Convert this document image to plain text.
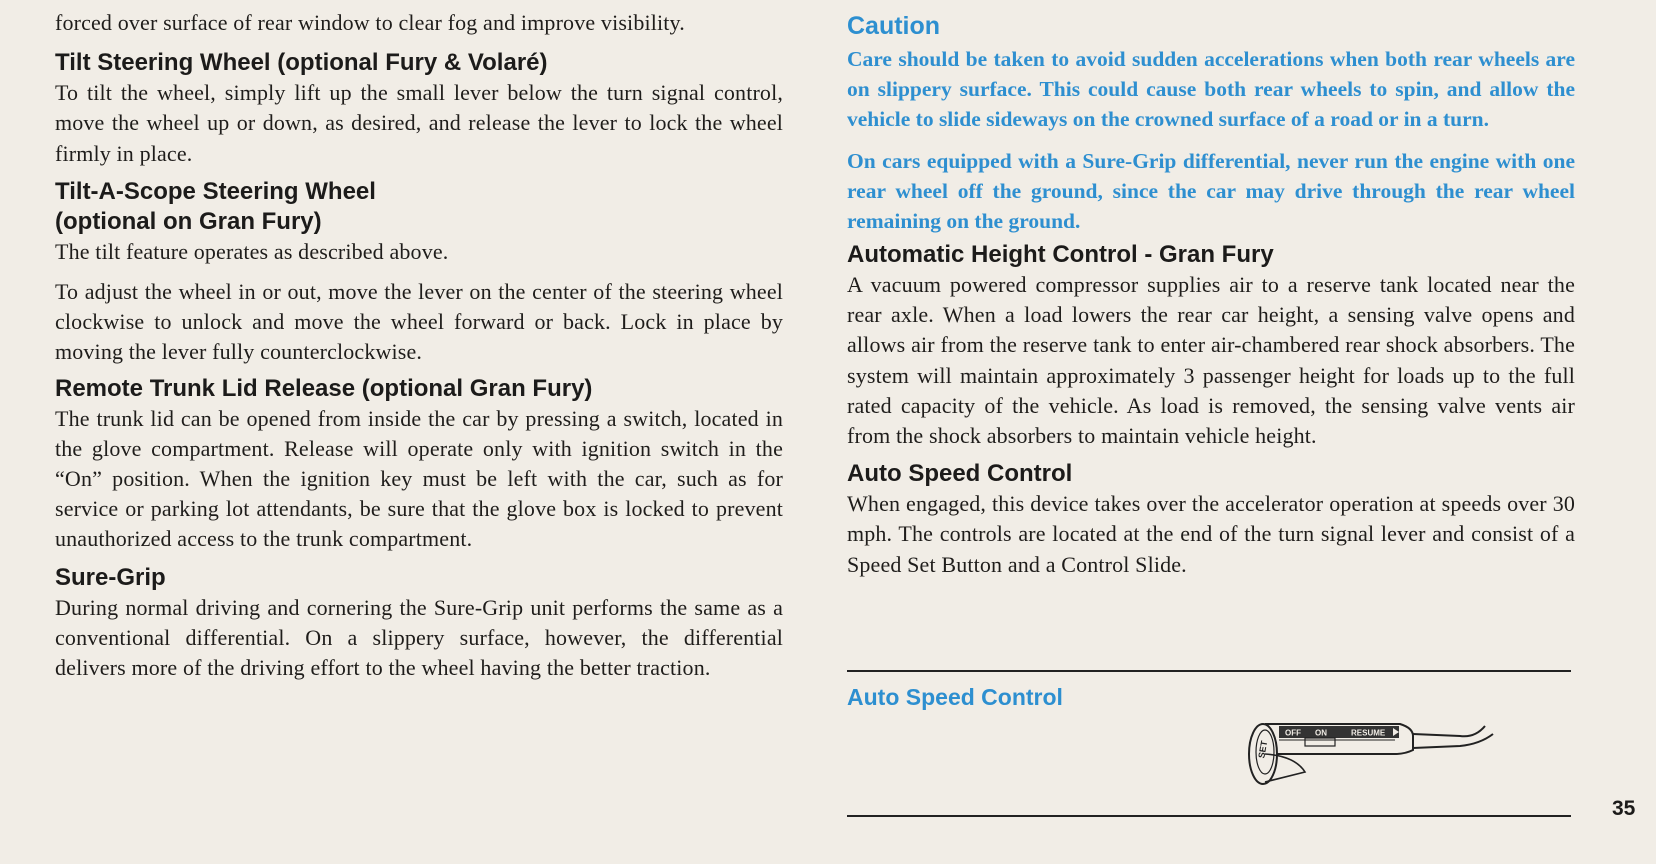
forced over surface of rear window to clear fog and improve visibility.

Tilt Steering Wheel (optional Fury & Volaré)

To tilt the wheel, simply lift up the small lever below the turn signal control, move the wheel up or down, as desired, and release the lever to lock the wheel firmly in place.

Tilt-A-Scope Steering Wheel
(optional on Gran Fury)

The tilt feature operates as described above.

To adjust the wheel in or out, move the lever on the center of the steering wheel clockwise to unlock and move the wheel forward or back. Lock in place by moving the lever fully counterclockwise.

Remote Trunk Lid Release (optional Gran Fury)

The trunk lid can be opened from inside the car by pressing a switch, located in the glove compartment. Release will operate only with ignition switch in the “On” position. When the ignition key must be left with the car, such as for service or parking lot attendants, be sure that the glove box is locked to prevent unauthorized access to the trunk compartment.

Sure-Grip

During normal driving and cornering the Sure-Grip unit performs the same as a conventional differential. On a slippery surface, however, the differential delivers more of the driving effort to the wheel having the better traction.

Caution

Care should be taken to avoid sudden accelerations when both rear wheels are on slippery surface. This could cause both rear wheels to spin, and allow the vehicle to slide sideways on the crowned surface of a road or in a turn.

On cars equipped with a Sure-Grip differential, never run the engine with one rear wheel off the ground, since the car may drive through the rear wheel remaining on the ground.

Automatic Height Control - Gran Fury

A vacuum powered compressor supplies air to a reserve tank located near the rear axle. When a load lowers the rear car height, a sensing valve opens and allows air from the reserve tank to enter air-chambered rear shock absorbers. The system will maintain approximately 3 passenger height for loads up to the full rated capacity of the vehicle. As load is removed, the sensing valve vents air from the shock absorbers to maintain vehicle height.

Auto Speed Control

When engaged, this device takes over the accelerator operation at speeds over 30 mph. The controls are located at the end of the turn signal lever and consist of a Speed Set Button and a Control Slide.

Auto Speed Control
SET
OFF ON	RESUME
35
